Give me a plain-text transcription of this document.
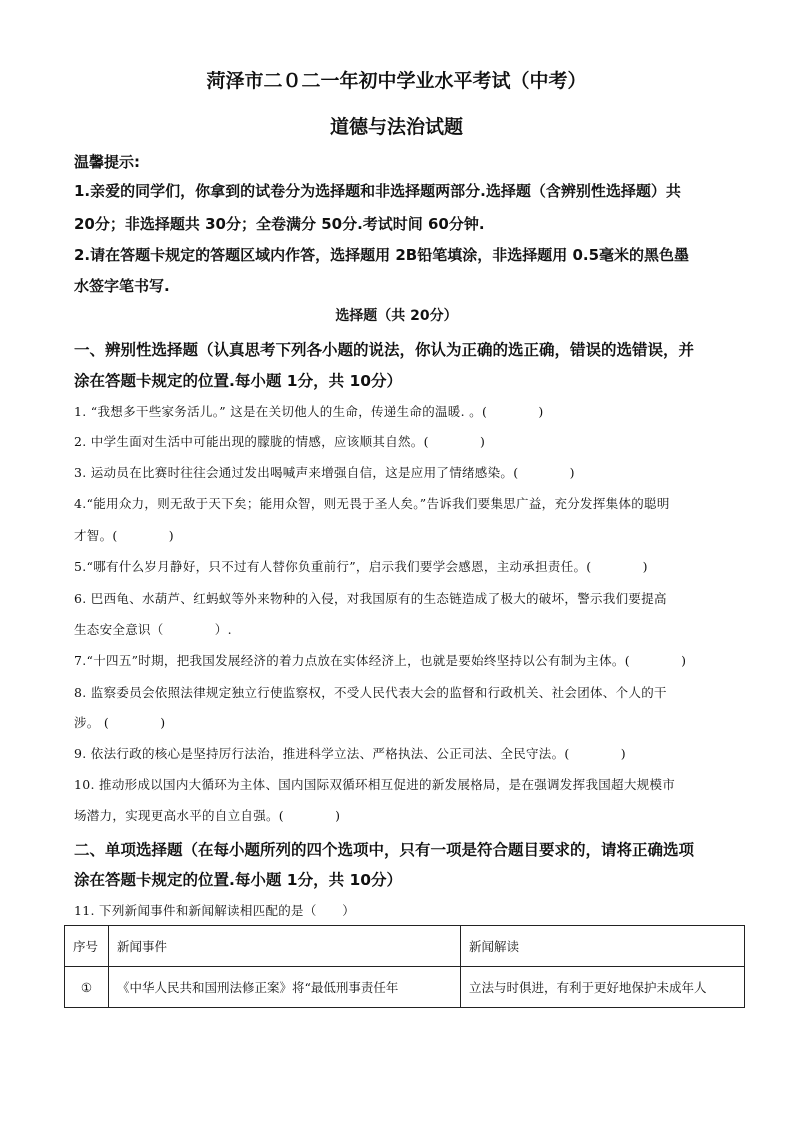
菏泽市二０二一年初中学业水平考试（中考）
道德与法治试题
温馨提示:
1.亲爱的同学们，你拿到的试卷分为选择题和非选择题两部分.选择题（含辨别性选择题）共
20分；非选择题共 30分；全卷满分 50分.考试时间 60分钟.
2.请在答题卡规定的答题区域内作答，选择题用 2B铅笔填涂，非选择题用 0.5毫米的黑色墨
水签字笔书写.
选择题（共 20分）
一、辨别性选择题（认真思考下列各小题的说法，你认为正确的选正确，错误的选错误，并
涂在答题卡规定的位置.每小题 1分，共 10分）
1. “我想多干些家务活儿。” 这是在关切他人的生命，传递生命的温暖. 。(　　　　)
2. 中学生面对生活中可能出现的朦胧的情感，应该顺其自然。(　　　　)
3. 运动员在比赛时往往会通过发出喝喊声来增强自信，这是应用了情绪感染。(　　　　)
4.“能用众力，则无敌于天下矣；能用众智，则无畏于圣人矣。”告诉我们要集思广益，充分发挥集体的聪明
才智。(　　　　)
5.“哪有什么岁月静好，只不过有人替你负重前行”，启示我们要学会感恩，主动承担责任。(　　　　)
6. 巴西龟、水葫芦、红蚂蚁等外来物种的入侵，对我国原有的生态链造成了极大的破坏，警示我们要提高
生态安全意识（　　　　）.
7.“十四五”时期，把我国发展经济的着力点放在实体经济上，也就是要始终坚持以公有制为主体。(　　　　)
8. 监察委员会依照法律规定独立行使监察权，不受人民代表大会的监督和行政机关、社会团体、个人的干
涉。 (　　　　)
9. 依法行政的核心是坚持厉行法治，推进科学立法、严格执法、公正司法、全民守法。(　　　　)
10. 推动形成以国内大循环为主体、国内国际双循环相互促进的新发展格局，是在强调发挥我国超大规模市
场潜力，实现更高水平的自立自强。(　　　　)
二、单项选择题（在每小题所列的四个选项中，只有一项是符合题目要求的，请将正确选项
涂在答题卡规定的位置.每小题 1分，共 10分）
11. 下列新闻事件和新闻解读相匹配的是（　　）
序号	新闻事件	新闻解读
①	《中华人民共和国刑法修正案》将“最低刑事责任年	立法与时俱进，有利于更好地保护未成年人
